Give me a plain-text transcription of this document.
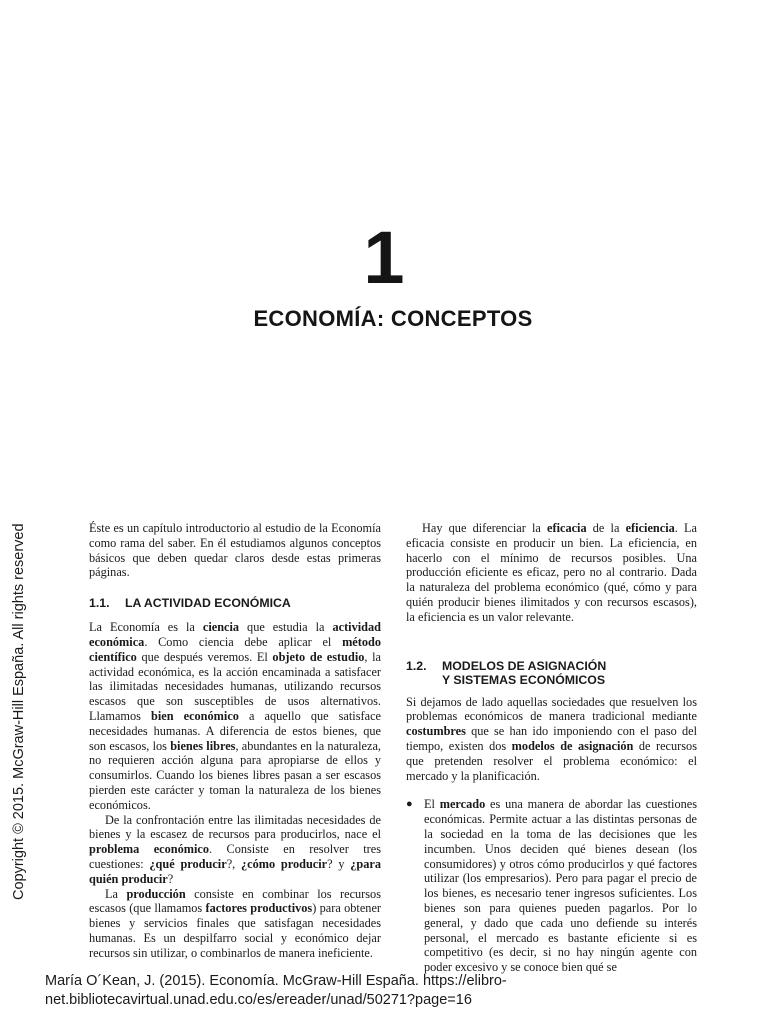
Copyright © 2015. McGraw-Hill España. All rights reserved
1
ECONOMÍA: CONCEPTOS

Éste es un capítulo introductorio al estudio de la Economía como rama del saber. En él estudiamos algunos conceptos básicos que deben quedar claros desde estas primeras páginas.

1.1.	LA ACTIVIDAD ECONÓMICA

La Economía es la ciencia que estudia la actividad económica. Como ciencia debe aplicar el método científico que después veremos. El objeto de estudio, la actividad económica, es la acción encaminada a satisfacer las ilimitadas necesidades humanas, utilizando recursos escasos que son susceptibles de usos alternativos. Llamamos bien económico a aquello que satisface necesidades humanas. A diferencia de estos bienes, que son escasos, los bienes libres, abundantes en la naturaleza, no requieren acción alguna para apropiarse de ellos y consumirlos. Cuando los bienes libres pasan a ser escasos pierden este carácter y toman la naturaleza de los bienes económicos.

De la confrontación entre las ilimitadas necesidades de bienes y la escasez de recursos para producirlos, nace el problema económico. Consiste en resolver tres cuestiones: ¿qué producir?, ¿cómo producir? y ¿para quién producir?

La producción consiste en combinar los recursos escasos (que llamamos factores productivos) para obtener bienes y servicios finales que satisfagan necesidades humanas. Es un despilfarro social y económico dejar recursos sin utilizar, o combinarlos de manera ineficiente.

Hay que diferenciar la eficacia de la eficiencia. La eficacia consiste en producir un bien. La eficiencia, en hacerlo con el mínimo de recursos posibles. Una producción eficiente es eficaz, pero no al contrario. Dada la naturaleza del problema económico (qué, cómo y para quién producir bienes ilimitados y con recursos escasos), la eficiencia es un valor relevante.

1.2.	MODELOS DE ASIGNACIÓN
Y SISTEMAS ECONÓMICOS

Si dejamos de lado aquellas sociedades que resuelven los problemas económicos de manera tradicional mediante costumbres que se han ido imponiendo con el paso del tiempo, existen dos modelos de asignación de recursos que pretenden resolver el problema económico: el mercado y la planificación.

● El mercado es una manera de abordar las cuestiones económicas. Permite actuar a las distintas personas de la sociedad en la toma de las decisiones que les incumben. Unos deciden qué bienes desean (los consumidores) y otros cómo producirlos y qué factores utilizar (los empresarios). Pero para pagar el precio de los bienes, es necesario tener ingresos suficientes. Los bienes son para quienes pueden pagarlos. Por lo general, y dado que cada uno defiende su interés personal, el mercado es bastante eficiente si es competitivo (es decir, si no hay ningún agente con poder excesivo y se conoce bien qué se
María O´Kean, J. (2015). Economía. McGraw-Hill España. https://elibro-net.bibliotecavirtual.unad.edu.co/es/ereader/unad/50271?page=16
